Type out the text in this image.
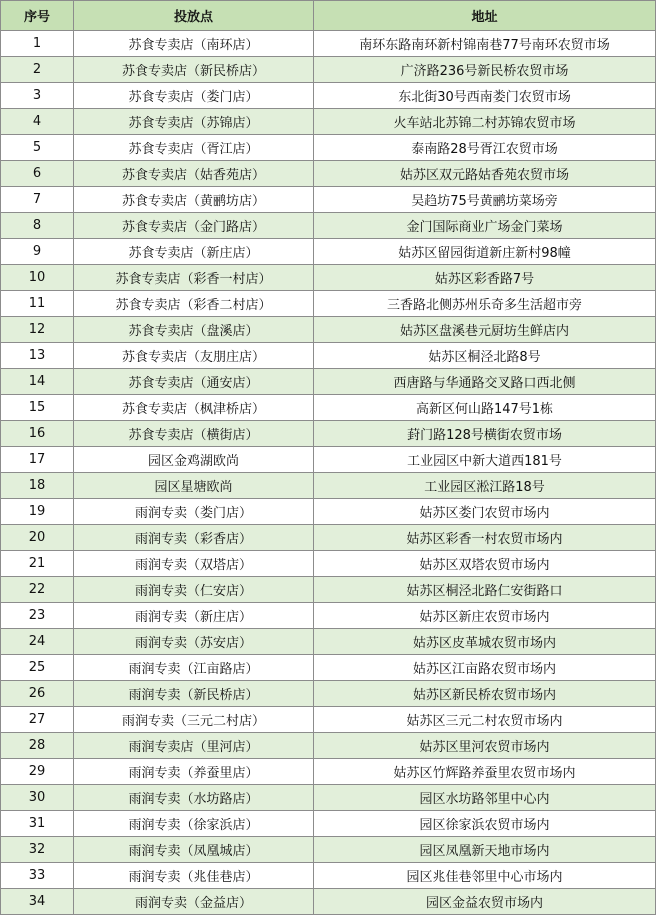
序号	投放点	地址
1	苏食专卖店（南环店）	南环东路南环新村锦南巷77号南环农贸市场
2	苏食专卖店（新民桥店）	广济路236号新民桥农贸市场
3	苏食专卖店（娄门店）	东北街30号西南娄门农贸市场
4	苏食专卖店（苏锦店）	火车站北苏锦二村苏锦农贸市场
5	苏食专卖店（胥江店）	泰南路28号胥江农贸市场
6	苏食专卖店（姑香苑店）	姑苏区双元路姑香苑农贸市场
7	苏食专卖店（黄鹂坊店）	吴趋坊75号黄鹂坊菜场旁
8	苏食专卖店（金门路店）	金门国际商业广场金门菜场
9	苏食专卖店（新庄店）	姑苏区留园街道新庄新村98幢
10	苏食专卖店（彩香一村店）	姑苏区彩香路7号
11	苏食专卖店（彩香二村店）	三香路北侧苏州乐奇多生活超市旁
12	苏食专卖店（盘溪店）	姑苏区盘溪巷元厨坊生鲜店内
13	苏食专卖店（友朋庄店）	姑苏区桐泾北路8号
14	苏食专卖店（通安店）	西唐路与华通路交叉路口西北侧
15	苏食专卖店（枫津桥店）	高新区何山路147号1栋
16	苏食专卖店（横街店）	葑门路128号横街农贸市场
17	园区金鸡湖欧尚	工业园区中新大道西181号
18	园区星塘欧尚	工业园区淞江路18号
19	雨润专卖（娄门店）	姑苏区娄门农贸市场内
20	雨润专卖（彩香店）	姑苏区彩香一村农贸市场内
21	雨润专卖（双塔店）	姑苏区双塔农贸市场内
22	雨润专卖（仁安店）	姑苏区桐泾北路仁安街路口
23	雨润专卖（新庄店）	姑苏区新庄农贸市场内
24	雨润专卖（苏安店）	姑苏区皮革城农贸市场内
25	雨润专卖（江亩路店）	姑苏区江亩路农贸市场内
26	雨润专卖（新民桥店）	姑苏区新民桥农贸市场内
27	雨润专卖（三元二村店）	姑苏区三元二村农贸市场内
28	雨润专卖店（里河店）	姑苏区里河农贸市场内
29	雨润专卖（养蚕里店）	姑苏区竹辉路养蚕里农贸市场内
30	雨润专卖（水坊路店）	园区水坊路邻里中心内
31	雨润专卖（徐家浜店）	园区徐家浜农贸市场内
32	雨润专卖（凤凰城店）	园区凤凰新天地市场内
33	雨润专卖（兆佳巷店）	园区兆佳巷邻里中心市场内
34	雨润专卖（金益店）	园区金益农贸市场内
